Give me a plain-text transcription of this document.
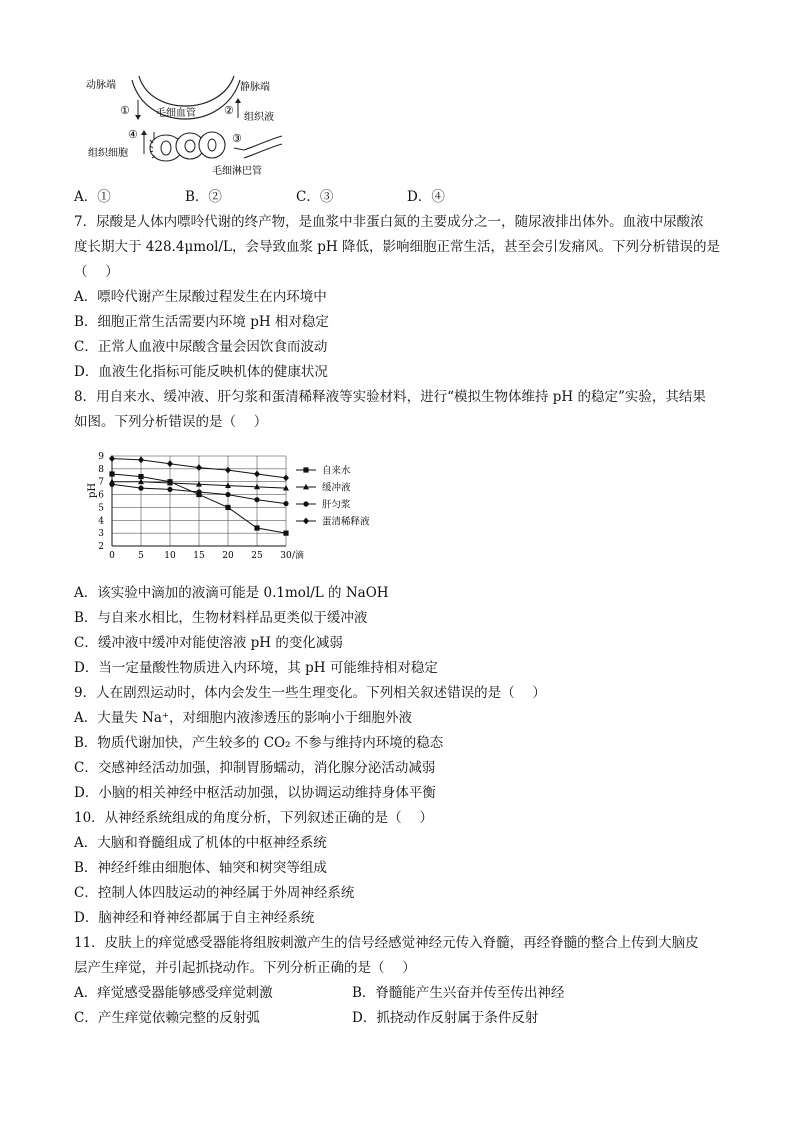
动脉端	静脉端
毛细血管	组织液
①	②
④
组织细胞
③
毛细淋巴管
A．①	B．②	C．③	D．④
7．尿酸是人体内嘌呤代谢的终产物，是血浆中非蛋白氮的主要成分之一，随尿液排出体外。血液中尿酸浓
度长期大于 428.4μmol/L，会导致血浆 pH 降低，影响细胞正常生活，甚至会引发痛风。下列分析错误的是
（　 ）
A．嘌呤代谢产生尿酸过程发生在内环境中
B．细胞正常生活需要内环境 pH 相对稳定
C．正常人血液中尿酸含量会因饮食而波动
D．血液生化指标可能反映机体的健康状况
8．用自来水、缓冲液、肝匀浆和蛋清稀释液等实验材料，进行“模拟生物体维持 pH 的稳定”实验，其结果
如图。下列分析错误的是（　 ）
2
3
4
5
6
7
8
9
0	5 10 15 20 25 30 /滴
自来水
缓冲液
肝匀浆
蛋清稀释液
pH
A．该实验中滴加的液滴可能是 0.1mol/L 的 NaOH
B．与自来水相比，生物材料样品更类似于缓冲液
C．缓冲液中缓冲对能使溶液 pH 的变化减弱
D．当一定量酸性物质进入内环境，其 pH 可能维持相对稳定
9．人在剧烈运动时，体内会发生一些生理变化。下列相关叙述错误的是（　 ）
A．大量失 Na⁺，对细胞内液渗透压的影响小于细胞外液
B．物质代谢加快，产生较多的 CO₂ 不参与维持内环境的稳态
C．交感神经活动加强，抑制胃肠蠕动，消化腺分泌活动减弱
D．小脑的相关神经中枢活动加强，以协调运动维持身体平衡
10．从神经系统组成的角度分析，下列叙述正确的是（　 ）
A．大脑和脊髓组成了机体的中枢神经系统
B．神经纤维由细胞体、轴突和树突等组成
C．控制人体四肢运动的神经属于外周神经系统
D．脑神经和脊神经都属于自主神经系统
11．皮肤上的痒觉感受器能将组胺刺激产生的信号经感觉神经元传入脊髓，再经脊髓的整合上传到大脑皮
层产生痒觉，并引起抓挠动作。下列分析正确的是（　 ）
A．痒觉感受器能够感受痒觉刺激	B．脊髓能产生兴奋并传至传出神经
C．产生痒觉依赖完整的反射弧	D．抓挠动作反射属于条件反射
